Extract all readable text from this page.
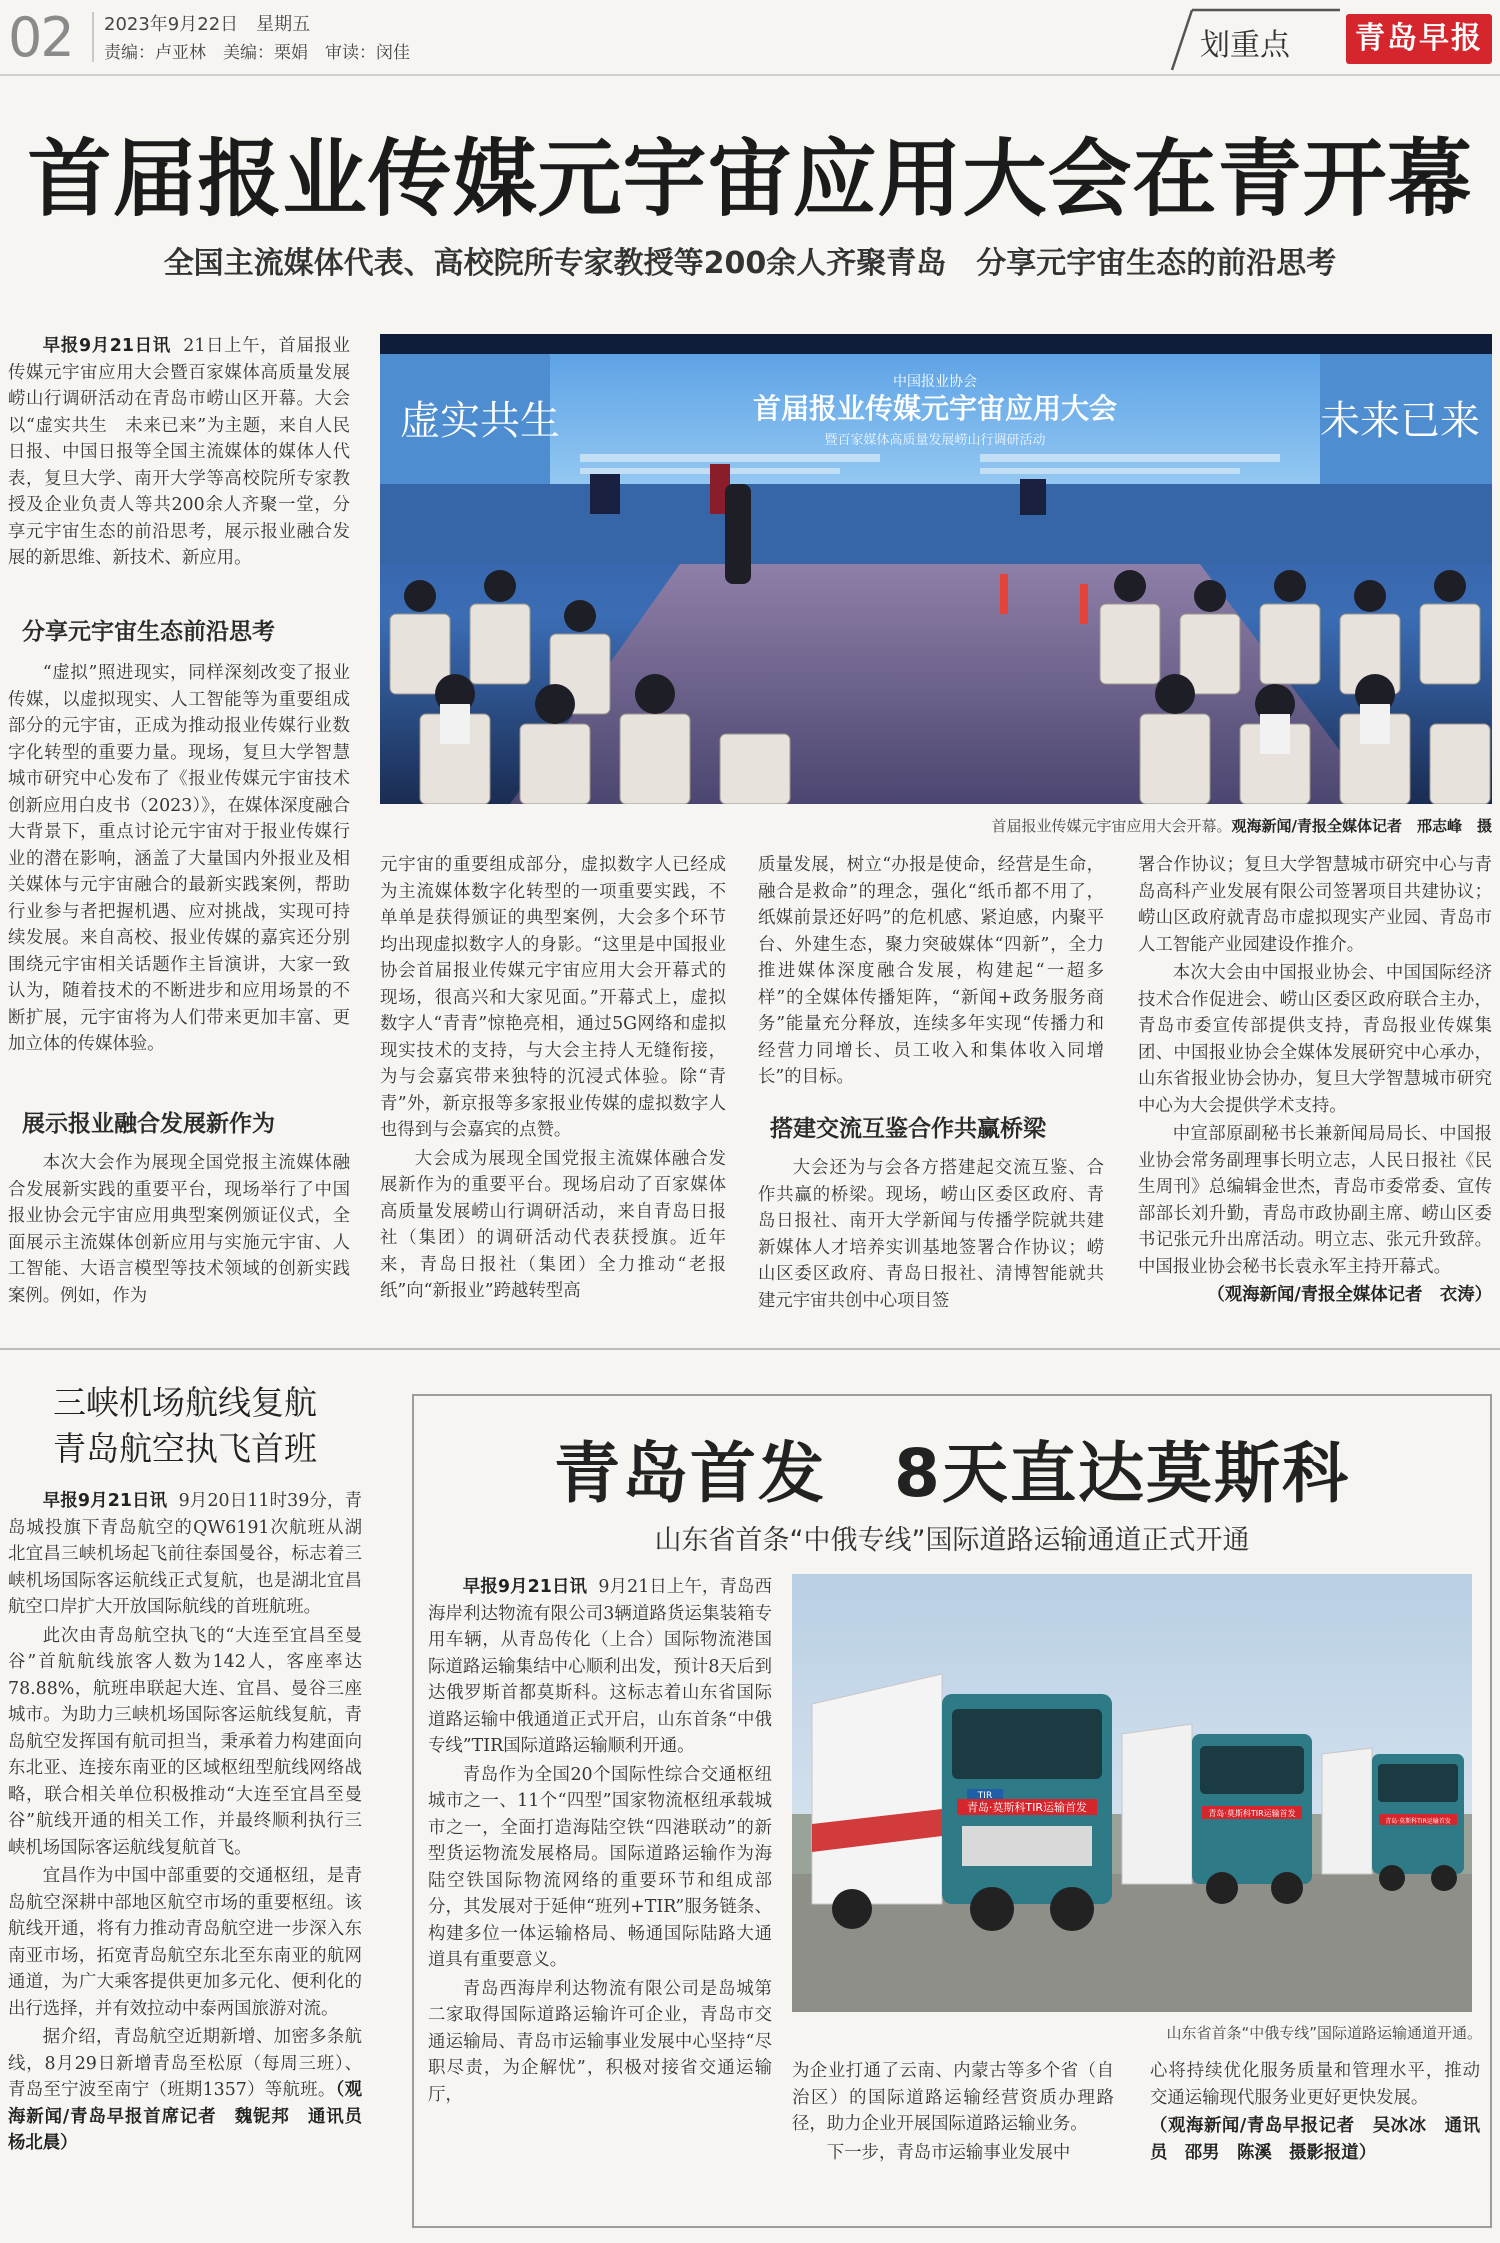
02 2023年9月22日　星期五
责编：卢亚林　美编：栗娟　审读：闵佳	划重点	青岛早报
首届报业传媒元宇宙应用大会在青开幕
全国主流媒体代表、高校院所专家教授等200余人齐聚青岛　分享元宇宙生态的前沿思考

早报9月21日讯 21日上午，首届报业传媒元宇宙应用大会暨百家媒体高质量发展崂山行调研活动在青岛市崂山区开幕。大会以“虚实共生　未来已来”为主题，来自人民日报、中国日报等全国主流媒体的媒体人代表，复旦大学、南开大学等高校院所专家教授及企业负责人等共200余人齐聚一堂，分享元宇宙生态的前沿思考，展示报业融合发展的新思维、新技术、新应用。

分享元宇宙生态前沿思考

“虚拟”照进现实，同样深刻改变了报业传媒，以虚拟现实、人工智能等为重要组成部分的元宇宙，正成为推动报业传媒行业数字化转型的重要力量。现场，复旦大学智慧城市研究中心发布了《报业传媒元宇宙技术创新应用白皮书（2023）》，在媒体深度融合大背景下，重点讨论元宇宙对于报业传媒行业的潜在影响，涵盖了大量国内外报业及相关媒体与元宇宙融合的最新实践案例，帮助行业参与者把握机遇、应对挑战，实现可持续发展。来自高校、报业传媒的嘉宾还分别围绕元宇宙相关话题作主旨演讲，大家一致认为，随着技术的不断进步和应用场景的不断扩展，元宇宙将为人们带来更加丰富、更加立体的传媒体验。

展示报业融合发展新作为

本次大会作为展现全国党报主流媒体融合发展新实践的重要平台，现场举行了中国报业协会元宇宙应用典型案例颁证仪式，全面展示主流媒体创新应用与实施元宇宙、人工智能、大语言模型等技术领域的创新实践案例。例如，作为

中国报业协会
首届报业传媒元宇宙应用大会
暨百家媒体高质量发展崂山行调研活动
虚实共生	未来已来
首届报业传媒元宇宙应用大会开幕。观海新闻/青报全媒体记者　邢志峰　摄

元宇宙的重要组成部分，虚拟数字人已经成为主流媒体数字化转型的一项重要实践，不单单是获得颁证的典型案例，大会多个环节均出现虚拟数字人的身影。“这里是中国报业协会首届报业传媒元宇宙应用大会开幕式的现场，很高兴和大家见面。”开幕式上，虚拟数字人“青青”惊艳亮相，通过5G网络和虚拟现实技术的支持，与大会主持人无缝衔接，为与会嘉宾带来独特的沉浸式体验。除“青青”外，新京报等多家报业传媒的虚拟数字人也得到与会嘉宾的点赞。

大会成为展现全国党报主流媒体融合发展新作为的重要平台。现场启动了百家媒体高质量发展崂山行调研活动，来自青岛日报社（集团）的调研活动代表获授旗。近年来，青岛日报社（集团）全力推动“老报纸”向“新报业”跨越转型高

质量发展，树立“办报是使命，经营是生命，融合是救命”的理念，强化“纸币都不用了，纸媒前景还好吗”的危机感、紧迫感，内聚平台、外建生态，聚力突破媒体“四新”，全力推进媒体深度融合发展，构建起“一超多样”的全媒体传播矩阵，“新闻+政务服务商务”能量充分释放，连续多年实现“传播力和经营力同增长、员工收入和集体收入同增长”的目标。

搭建交流互鉴合作共赢桥梁

大会还为与会各方搭建起交流互鉴、合作共赢的桥梁。现场，崂山区委区政府、青岛日报社、南开大学新闻与传播学院就共建新媒体人才培养实训基地签署合作协议；崂山区委区政府、青岛日报社、清博智能就共建元宇宙共创中心项目签

署合作协议；复旦大学智慧城市研究中心与青岛高科产业发展有限公司签署项目共建协议；崂山区政府就青岛市虚拟现实产业园、青岛市人工智能产业园建设作推介。

本次大会由中国报业协会、中国国际经济技术合作促进会、崂山区委区政府联合主办，青岛市委宣传部提供支持，青岛报业传媒集团、中国报业协会全媒体发展研究中心承办，山东省报业协会协办，复旦大学智慧城市研究中心为大会提供学术支持。

中宣部原副秘书长兼新闻局局长、中国报业协会常务副理事长明立志，人民日报社《民生周刊》总编辑金世杰，青岛市委常委、宣传部部长刘升勤，青岛市政协副主席、崂山区委书记张元升出席活动。明立志、张元升致辞。中国报业协会秘书长袁永军主持开幕式。

（观海新闻/青报全媒体记者　衣涛）

三峡机场航线复航
青岛航空执飞首班

早报9月21日讯 9月20日11时39分，青岛城投旗下青岛航空的QW6191次航班从湖北宜昌三峡机场起飞前往泰国曼谷，标志着三峡机场国际客运航线正式复航，也是湖北宜昌航空口岸扩大开放国际航线的首班航班。

此次由青岛航空执飞的“大连至宜昌至曼谷”首航航线旅客人数为142人，客座率达78.88%，航班串联起大连、宜昌、曼谷三座城市。为助力三峡机场国际客运航线复航，青岛航空发挥国有航司担当，秉承着力构建面向东北亚、连接东南亚的区域枢纽型航线网络战略，联合相关单位积极推动“大连至宜昌至曼谷”航线开通的相关工作，并最终顺利执行三峡机场国际客运航线复航首飞。

宜昌作为中国中部重要的交通枢纽，是青岛航空深耕中部地区航空市场的重要枢纽。该航线开通，将有力推动青岛航空进一步深入东南亚市场，拓宽青岛航空东北至东南亚的航网通道，为广大乘客提供更加多元化、便利化的出行选择，并有效拉动中泰两国旅游对流。

据介绍，青岛航空近期新增、加密多条航线，8月29日新增青岛至松原（每周三班）、青岛至宁波至南宁（班期1357）等航班。（观海新闻/青岛早报首席记者　魏铌邦　通讯员　杨北晨）

青岛首发　8天直达莫斯科
山东省首条“中俄专线”国际道路运输通道正式开通

早报9月21日讯 9月21日上午，青岛西海岸利达物流有限公司3辆道路货运集装箱专用车辆，从青岛传化（上合）国际物流港国际道路运输集结中心顺利出发，预计8天后到达俄罗斯首都莫斯科。这标志着山东省国际道路运输中俄通道正式开启，山东首条“中俄专线”TIR国际道路运输顺利开通。

青岛作为全国20个国际性综合交通枢纽城市之一、11个“四型”国家物流枢纽承载城市之一，全面打造海陆空铁“四港联动”的新型货运物流发展格局。国际道路运输作为海陆空铁国际物流网络的重要环节和组成部分，其发展对于延伸“班列+TIR”服务链条、构建多位一体运输格局、畅通国际陆路大通道具有重要意义。

青岛西海岸利达物流有限公司是岛城第二家取得国际道路运输许可企业，青岛市交通运输局、青岛市运输事业发展中心坚持“尽职尽责，为企解忧”，积极对接省交通运输厅，

青岛·莫斯科TIR运输首发
TIR
青岛·莫斯科TIR运输首发
青岛·莫斯科TIR运输首发
山东省首条“中俄专线”国际道路运输通道开通。

为企业打通了云南、内蒙古等多个省（自治区）的国际道路运输经营资质办理路径，助力企业开展国际道路运输业务。

下一步，青岛市运输事业发展中

心将持续优化服务质量和管理水平，推动交通运输现代服务业更好更快发展。

（观海新闻/青岛早报记者　吴冰冰　通讯员　邵男　陈溪　摄影报道）
